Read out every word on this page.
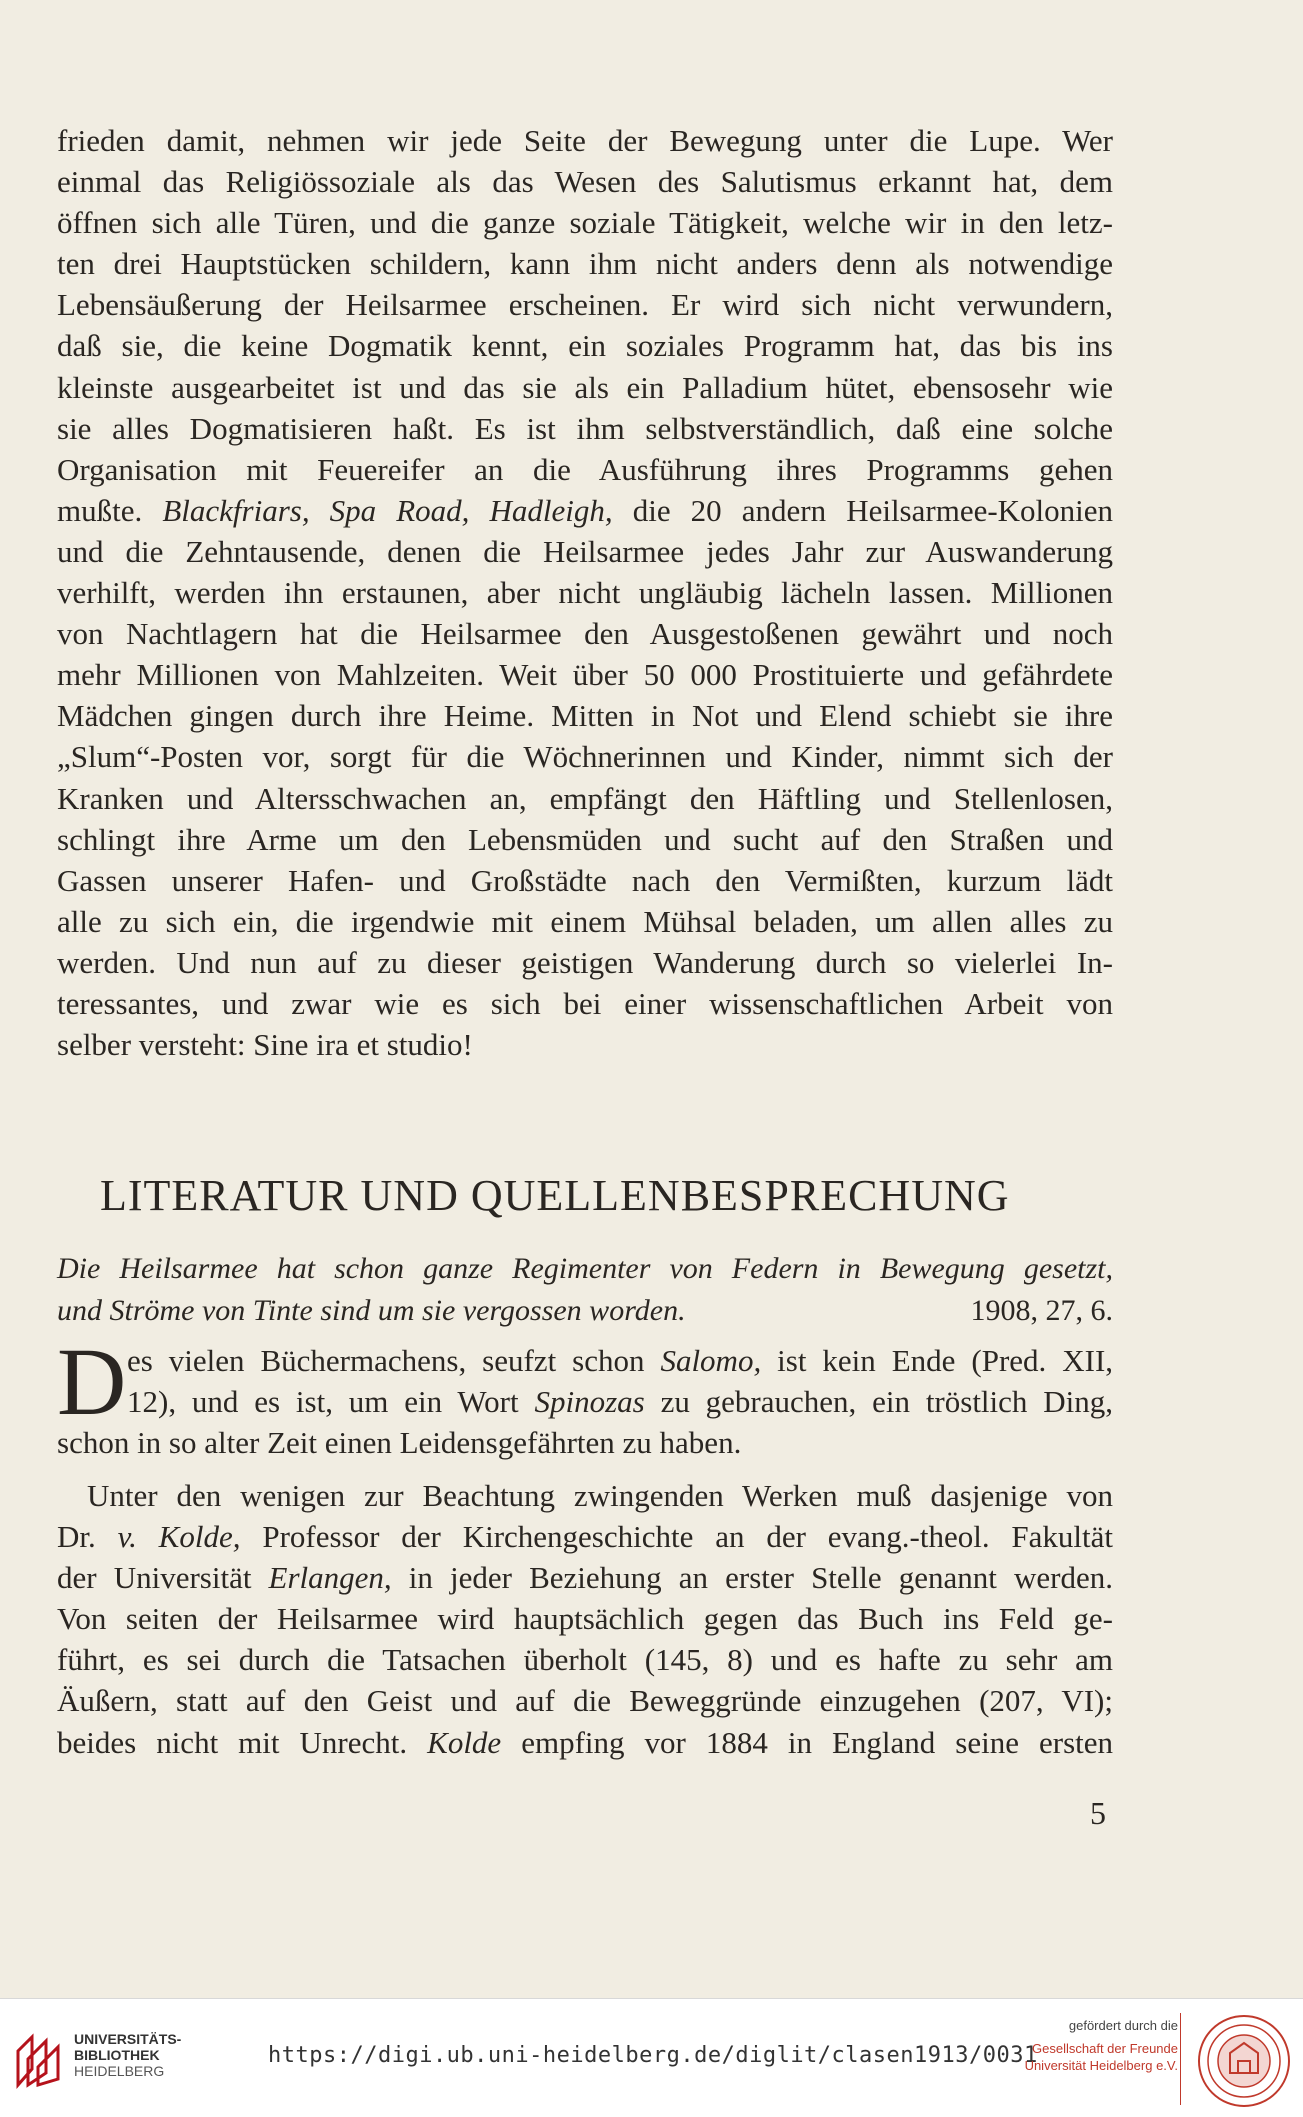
frieden damit, nehmen wir jede Seite der Bewegung unter die Lupe. Wer
einmal das Religiössoziale als das Wesen des Salutismus erkannt hat, dem
öffnen sich alle Türen, und die ganze soziale Tätigkeit, welche wir in den letz-
ten drei Hauptstücken schildern, kann ihm nicht anders denn als notwendige
Lebensäußerung der Heilsarmee erscheinen. Er wird sich nicht verwundern,
daß sie, die keine Dogmatik kennt, ein soziales Programm hat, das bis ins
kleinste ausgearbeitet ist und das sie als ein Palladium hütet, ebensosehr wie
sie alles Dogmatisieren haßt. Es ist ihm selbstverständlich, daß eine solche
Organisation mit Feuereifer an die Ausführung ihres Programms gehen
mußte. Blackfriars, Spa Road, Hadleigh, die 20 andern Heilsarmee-Kolonien
und die Zehntausende, denen die Heilsarmee jedes Jahr zur Auswanderung
verhilft, werden ihn erstaunen, aber nicht ungläubig lächeln lassen. Millionen
von Nachtlagern hat die Heilsarmee den Ausgestoßenen gewährt und noch
mehr Millionen von Mahlzeiten. Weit über 50 000 Prostituierte und gefährdete
Mädchen gingen durch ihre Heime. Mitten in Not und Elend schiebt sie ihre
„Slum“-Posten vor, sorgt für die Wöchnerinnen und Kinder, nimmt sich der
Kranken und Altersschwachen an, empfängt den Häftling und Stellenlosen,
schlingt ihre Arme um den Lebensmüden und sucht auf den Straßen und
Gassen unserer Hafen- und Großstädte nach den Vermißten, kurzum lädt
alle zu sich ein, die irgendwie mit einem Mühsal beladen, um allen alles zu
werden. Und nun auf zu dieser geistigen Wanderung durch so vielerlei In-
teressantes, und zwar wie es sich bei einer wissenschaftlichen Arbeit von
selber versteht: Sine ira et studio!
LITERATUR UND QUELLENBESPRECHUNG
Die Heilsarmee hat schon ganze Regimenter von Federn in Bewegung gesetzt,
und Ströme von Tinte sind um sie vergossen worden.	1908, 27, 6.
D es vielen Büchermachens, seufzt schon Salomo, ist kein Ende (Pred. XII,
12), und es ist, um ein Wort Spinozas zu gebrauchen, ein tröstlich Ding,
schon in so alter Zeit einen Leidensgefährten zu haben.
Unter den wenigen zur Beachtung zwingenden Werken muß dasjenige von
Dr. v. Kolde, Professor der Kirchengeschichte an der evang.-theol. Fakultät
der Universität Erlangen, in jeder Beziehung an erster Stelle genannt werden.
Von seiten der Heilsarmee wird hauptsächlich gegen das Buch ins Feld ge-
führt, es sei durch die Tatsachen überholt (145, 8) und es hafte zu sehr am
Äußern, statt auf den Geist und auf die Beweggründe einzugehen (207, VI);
beides nicht mit Unrecht. Kolde empfing vor 1884 in England seine ersten
5
UNIVERSITÄTS-
BIBLIOTHEK
HEIDELBERG
https://digi.ub.uni-heidelberg.de/diglit/clasen1913/0031
gefördert durch die
Gesellschaft der Freunde
Universität Heidelberg e.V.
